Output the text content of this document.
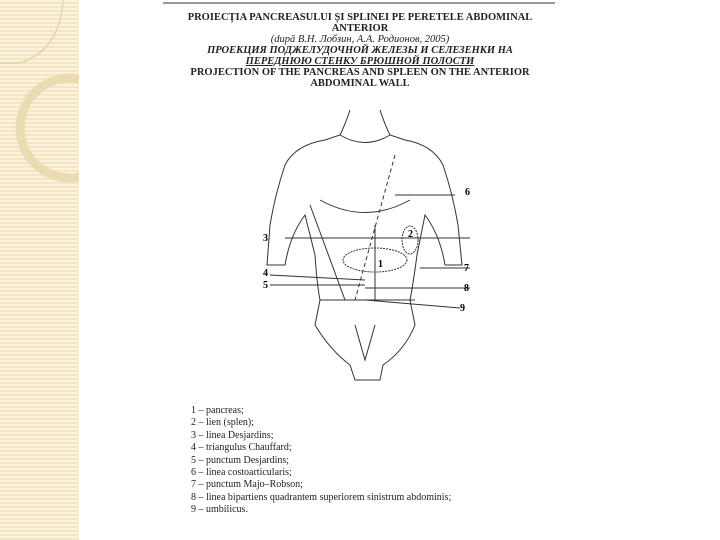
PROIECȚIA PANCREASULUI ȘI SPLINEI PE PERETELE ABDOMINAL
ANTERIOR
(după В.Н. Лобзин, А.А. Родионов, 2005)
ПРОЕКЦИЯ ПОДЖЕЛУДОЧНОЙ ЖЕЛЕЗЫ И СЕЛЕЗЕНКИ НА
ПЕРЕДНЮЮ СТЕНКУ БРЮШНОЙ ПОЛОСТИ
PROJECTION OF THE PANCREAS AND SPLEEN ON THE ANTERIOR
ABDOMINAL WALL
6
3	2
1	7
4
5	8
9
1 – pancreas;
2 – lien (splen);
3 – linea Desjardins;
4 – triangulus Chauffard;
5 – punctum Desjardins;
6 – linea costoarticularis;
7 – punctum Majo–Robson;
8 – linea bipartiens quadrantem superiorem sinistrum abdominis;
9 – umbilicus.
